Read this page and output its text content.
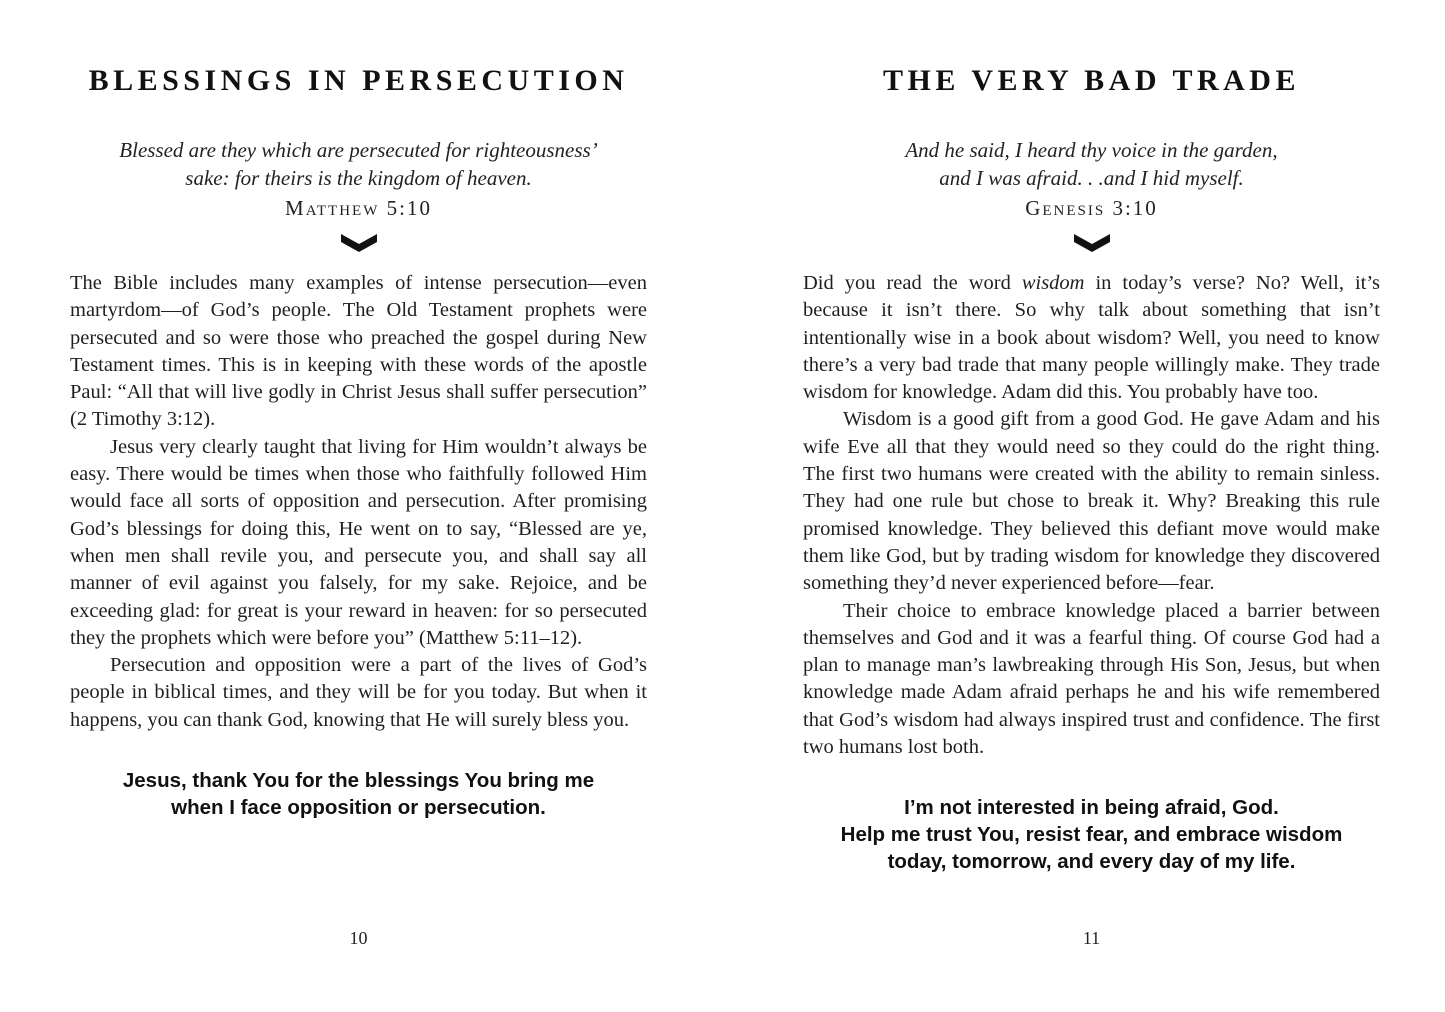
BLESSINGS IN PERSECUTION
Blessed are they which are persecuted for righteousness’
sake: for theirs is the kingdom of heaven.
Matthew 5:10

The Bible includes many examples of intense persecution—even martyrdom—of God’s people. The Old Testament prophets were persecuted and so were those who preached the gospel during New Testament times. This is in keeping with these words of the apostle Paul: “All that will live godly in Christ Jesus shall suffer persecution” (2 Timothy 3:12).

Jesus very clearly taught that living for Him wouldn’t always be easy. There would be times when those who faithfully followed Him would face all sorts of opposition and persecution. After promising God’s blessings for doing this, He went on to say, “Blessed are ye, when men shall revile you, and persecute you, and shall say all manner of evil against you falsely, for my sake. Rejoice, and be exceeding glad: for great is your reward in heaven: for so persecuted they the prophets which were before you” (Matthew 5:11–12).

Persecution and opposition were a part of the lives of God’s people in biblical times, and they will be for you today. But when it happens, you can thank God, knowing that He will surely bless you.

Jesus, thank You for the blessings You bring me
when I face opposition or persecution.
10
THE VERY BAD TRADE
And he said, I heard thy voice in the garden,
and I was afraid. . .and I hid myself.
Genesis 3:10

Did you read the word wisdom in today’s verse? No? Well, it’s because it isn’t there. So why talk about something that isn’t intentionally wise in a book about wisdom? Well, you need to know there’s a very bad trade that many people willingly make. They trade wisdom for knowledge. Adam did this. You probably have too.

Wisdom is a good gift from a good God. He gave Adam and his wife Eve all that they would need so they could do the right thing. The first two humans were created with the ability to remain sinless. They had one rule but chose to break it. Why? Breaking this rule promised knowledge. They believed this defiant move would make them like God, but by trading wisdom for knowledge they discovered something they’d never experienced before—fear.

Their choice to embrace knowledge placed a barrier between themselves and God and it was a fearful thing. Of course God had a plan to manage man’s lawbreaking through His Son, Jesus, but when knowledge made Adam afraid perhaps he and his wife remembered that God’s wisdom had always inspired trust and confidence. The first two humans lost both.

I’m not interested in being afraid, God.
Help me trust You, resist fear, and embrace wisdom
today, tomorrow, and every day of my life.
11
